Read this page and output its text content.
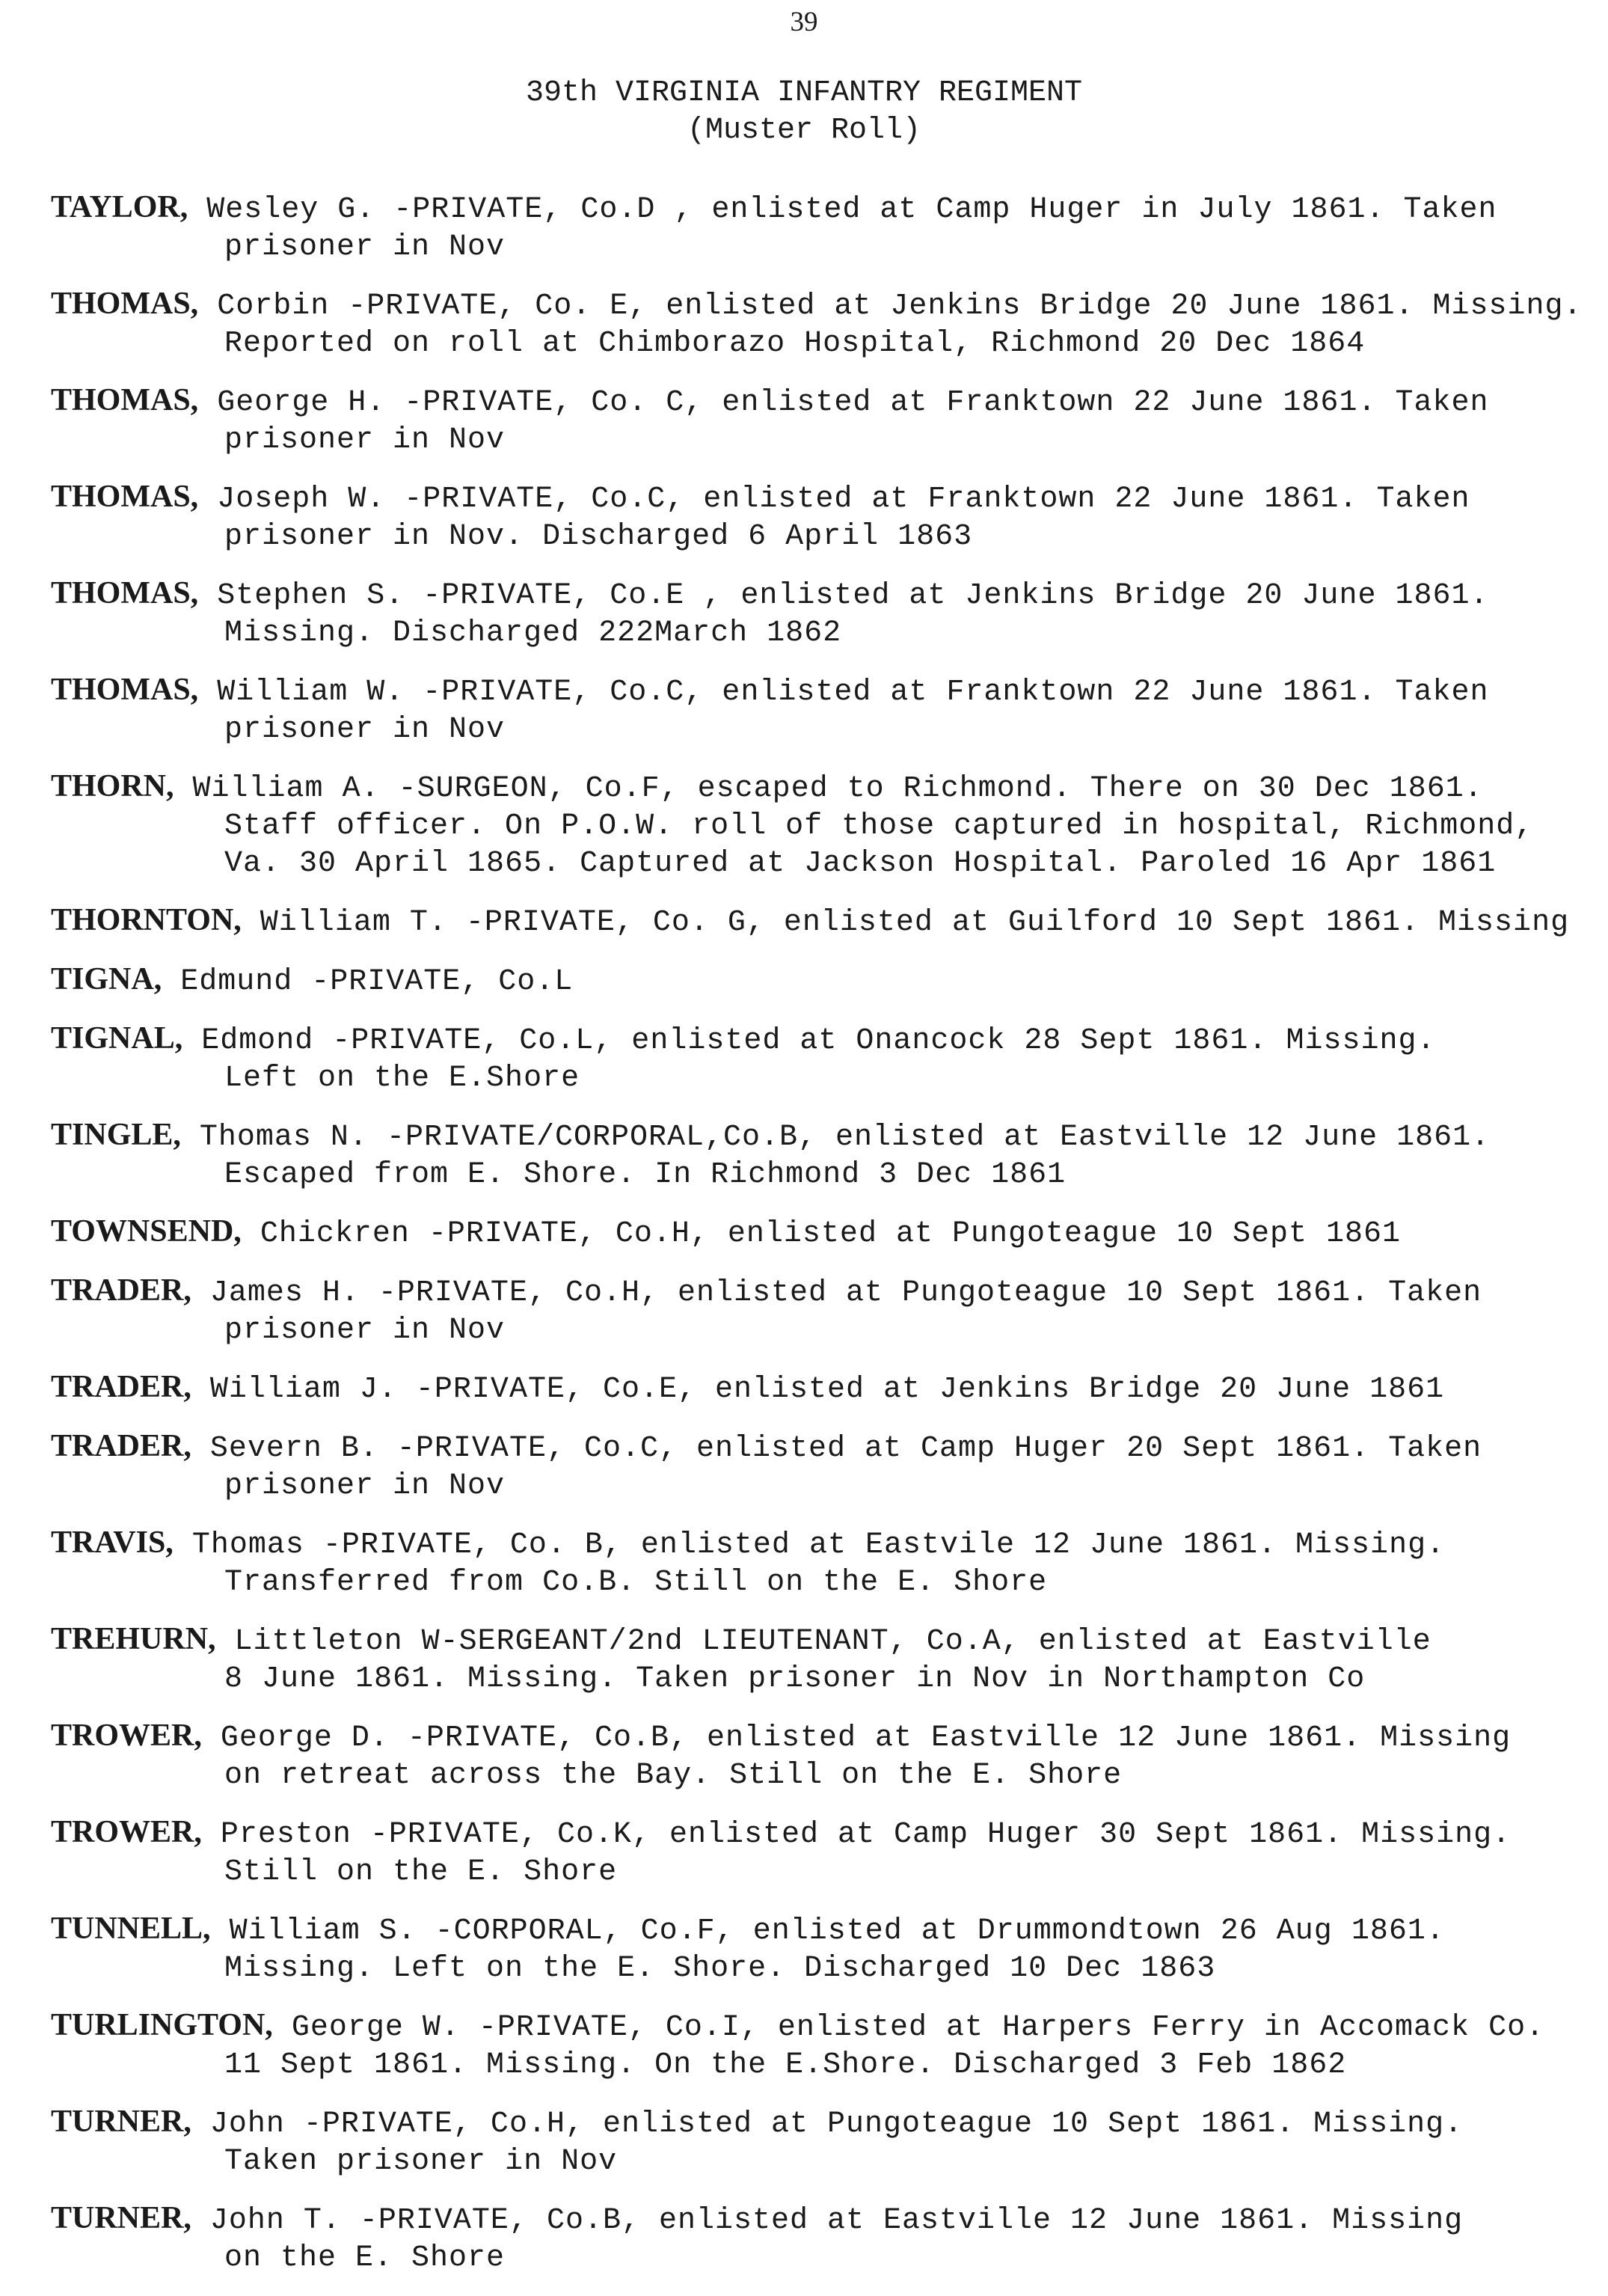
39
39th VIRGINIA INFANTRY REGIMENT
(Muster Roll)
TAYLOR, Wesley G. -PRIVATE, Co.D , enlisted at Camp Huger in July 1861. Taken
prisoner in Nov
THOMAS, Corbin -PRIVATE, Co. E, enlisted at Jenkins Bridge 20 June 1861. Missing.
Reported on roll at Chimborazo Hospital, Richmond 20 Dec 1864
THOMAS, George H. -PRIVATE, Co. C, enlisted at Franktown 22 June 1861. Taken
prisoner in Nov
THOMAS, Joseph W. -PRIVATE, Co.C, enlisted at Franktown 22 June 1861. Taken
prisoner in Nov. Discharged 6 April 1863
THOMAS, Stephen S. -PRIVATE, Co.E , enlisted at Jenkins Bridge 20 June 1861.
Missing. Discharged 222March 1862
THOMAS, William W. -PRIVATE, Co.C, enlisted at Franktown 22 June 1861. Taken
prisoner in Nov
THORN, William A. -SURGEON, Co.F, escaped to Richmond. There on 30 Dec 1861.
Staff officer. On P.O.W. roll of those captured in hospital, Richmond,
Va. 30 April 1865. Captured at Jackson Hospital. Paroled 16 Apr 1861
THORNTON, William T. -PRIVATE, Co. G, enlisted at Guilford 10 Sept 1861. Missing
TIGNA, Edmund -PRIVATE, Co.L
TIGNAL, Edmond -PRIVATE, Co.L, enlisted at Onancock 28 Sept 1861. Missing.
Left on the E.Shore
TINGLE, Thomas N. -PRIVATE/CORPORAL,Co.B, enlisted at Eastville 12 June 1861.
Escaped from E. Shore. In Richmond 3 Dec 1861
TOWNSEND, Chickren -PRIVATE, Co.H, enlisted at Pungoteague 10 Sept 1861
TRADER, James H. -PRIVATE, Co.H, enlisted at Pungoteague 10 Sept 1861. Taken
prisoner in Nov
TRADER, William J. -PRIVATE, Co.E, enlisted at Jenkins Bridge 20 June 1861
TRADER, Severn B. -PRIVATE, Co.C, enlisted at Camp Huger 20 Sept 1861. Taken
prisoner in Nov
TRAVIS, Thomas -PRIVATE, Co. B, enlisted at Eastvile 12 June 1861. Missing.
Transferred from Co.B. Still on the E. Shore
TREHURN, Littleton W-SERGEANT/2nd LIEUTENANT, Co.A, enlisted at Eastville
8 June 1861. Missing. Taken prisoner in Nov in Northampton Co
TROWER, George D. -PRIVATE, Co.B, enlisted at Eastville 12 June 1861. Missing
on retreat across the Bay. Still on the E. Shore
TROWER, Preston -PRIVATE, Co.K, enlisted at Camp Huger 30 Sept 1861. Missing.
Still on the E. Shore
TUNNELL, William S. -CORPORAL, Co.F, enlisted at Drummondtown 26 Aug 1861.
Missing. Left on the E. Shore. Discharged 10 Dec 1863
TURLINGTON, George W. -PRIVATE, Co.I, enlisted at Harpers Ferry in Accomack Co.
11 Sept 1861. Missing. On the E.Shore. Discharged 3 Feb 1862
TURNER, John -PRIVATE, Co.H, enlisted at Pungoteague 10 Sept 1861. Missing.
Taken prisoner in Nov
TURNER, John T. -PRIVATE, Co.B, enlisted at Eastville 12 June 1861. Missing
on the E. Shore
